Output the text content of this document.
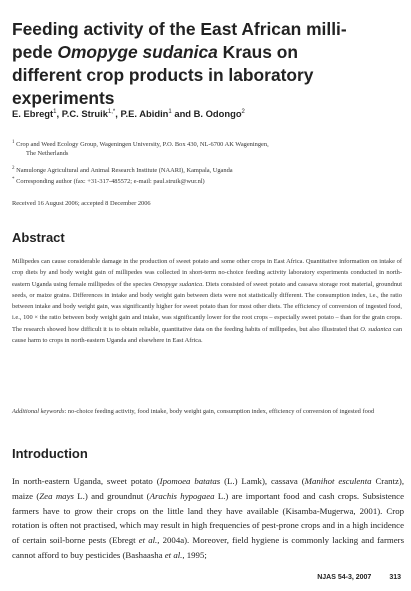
Feeding activity of the East African milli-pede Omopyge sudanica Kraus on different crop products in laboratory experiments

E. Ebregt$^1$, P.C. Struik$^{1,*}$, P.E. Abidin$^1$ and B. Odongo$^2$

$^1$ Crop and Weed Ecology Group, Wageningen University, P.O. Box 430, NL-6700 AK Wageningen,
The Netherlands

$^2$ Namulonge Agricultural and Animal Research Institute (NAARI), Kampala, Uganda

* Corresponding author (fax: +31-317-485572; e-mail: paul.struik@wur.nl)

Received 16 August 2006; accepted 8 December 2006

Abstract

Millipedes can cause considerable damage in the production of sweet potato and some other crops in East Africa. Quantitative information on intake of crop diets by and body weight gain of millipedes was collected in short-term no-choice feeding activity laboratory experiments conducted in north-eastern Uganda using female millipedes of the species Omopyge sudanica. Diets consisted of sweet potato and cassava storage root material, groundnut seeds, or maize grains. Differences in intake and body weight gain between diets were not statistically different. The consumption index, i.e., the ratio between intake and body weight gain, was significantly higher for sweet potato than for most other diets. The efficiency of conversion of ingested food, i.e., 100 × the ratio between body weight gain and intake, was significantly lower for the root crops – especially sweet potato – than for the grain crops. The research showed how difficult it is to obtain reliable, quantitative data on the feeding habits of millipedes, but also illustrated that O. sudanica can cause harm to crops in north-eastern Uganda and elsewhere in East Africa.

Additional keywords: no-choice feeding activity, food intake, body weight gain, consumption index, efficiency of conversion of ingested food

Introduction

In north-eastern Uganda, sweet potato (Ipomoea batatas (L.) Lamk), cassava (Manihot esculenta Crantz), maize (Zea mays L.) and groundnut (Arachis hypogaea L.) are important food and cash crops. Subsistence farmers have to grow their crops on the little land they have available (Kisamba-Mugerwa, 2001). Crop rotation is often not practised, which may result in high frequencies of pest-prone crops and in a high incidence of certain soil-borne pests (Ebregt et al., 2004a). Moreover, field hygiene is commonly lacking and farmers cannot afford to buy pesticides (Bashaasha et al., 1995;

NJAS 54-3, 2007	313
